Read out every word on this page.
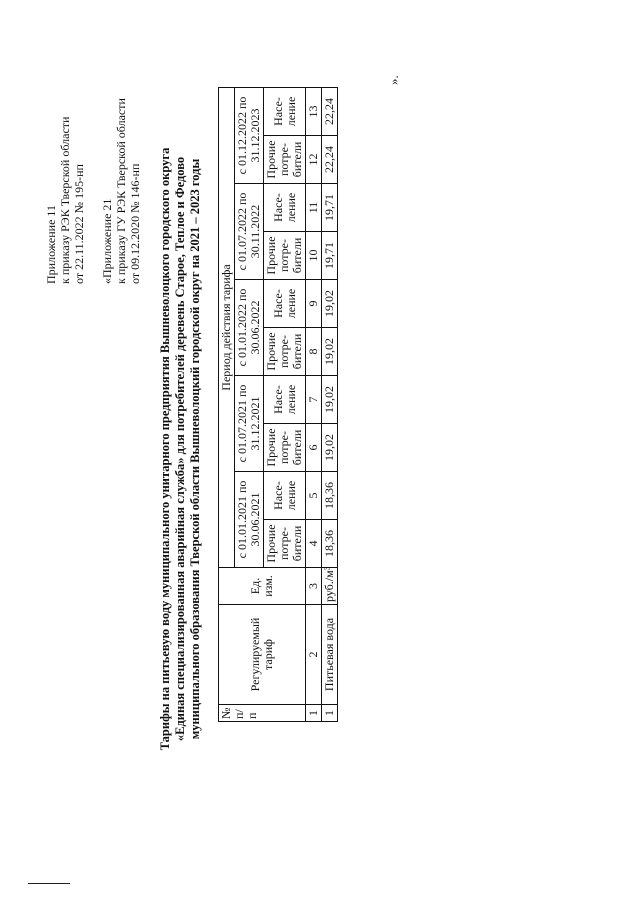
Приложение 11 к приказу РЭК Тверской области от 22.11.2022 № 195-нп «Приложение 21 к приказу ГУ РЭК Тверской области от 09.12.2020 № 146-нп Тарифы на питьевую воду муниципального унитарного предприятия Вышневолоцкого городского округа «Единая специализированная аварийная служба» для потребителей деревень Старое, Теплое и Федово муниципального образования Тверской области Вышневолоцкий городской округ на 2021 – 2023 годы № п/п	Регулируемый тариф	Ед. изм.	Период действия тарифа									
			с 01.01.2021 по 30.06.2021		с 01.07.2021 по 31.12.2021		с 01.01.2022 по 30.06.2022		с 01.07.2022 по 30.11.2022		с 01.12.2022 по 31.12.2023	
			Прочие потре-бители	Насе-ление	Прочие потре-бители	Насе-ление	Прочие потре-бители	Насе-ление	Прочие потре-бители	Насе-ление	Прочие потре-бители	Насе-ление
1	2	3	4	5	6	7	8	9	10	11	12	13
1	Питьевая вода	руб./м³	18,36	18,36	19,02	19,02	19,02	19,02	19,71	19,71	22,24	22,24
».
